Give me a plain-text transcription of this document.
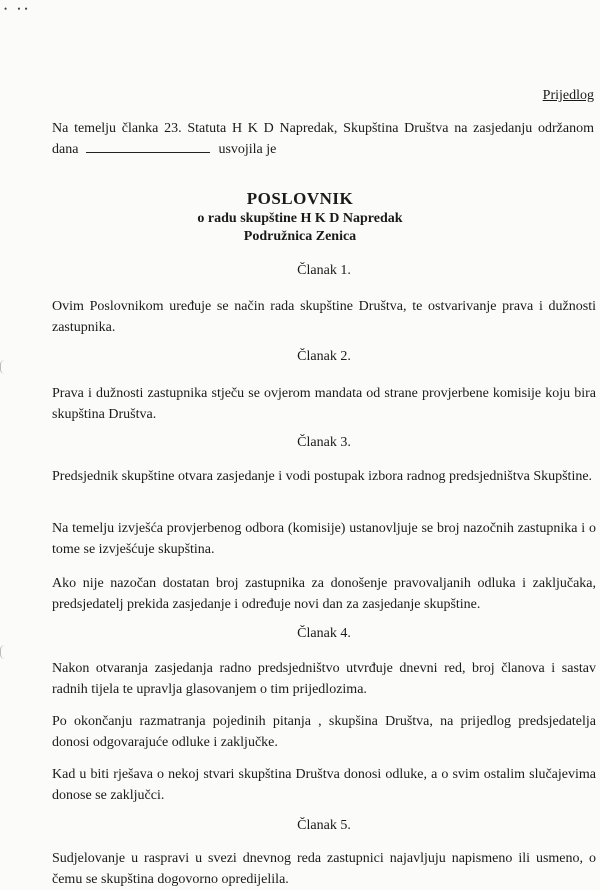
• ••
Prijedlog
Na temelju članka 23. Statuta H K D Napredak, Skupština Društva na zasjedanju održanom dana	usvojila je
POSLOVNIK
o radu skupštine H K D Napredak
Podružnica Zenica
Članak 1.
Ovim Poslovnikom uređuje se način rada skupštine Društva, te ostvarivanje prava i dužnosti zastupnika.
Članak 2.
Prava i dužnosti zastupnika stječu se ovjerom mandata od strane provjerbene komisije koju bira skupština Društva.
Članak 3.
Predsjednik skupštine otvara zasjedanje i vodi postupak izbora radnog predsjedništva Skupštine.
Na temelju izvješća provjerbenog odbora (komisije) ustanovljuje se broj nazočnih zastupnika i o tome se izvješćuje skupština.
Ako nije nazočan dostatan broj zastupnika za donošenje pravovaljanih odluka i zaključaka, predsjedatelj prekida zasjedanje i određuje novi dan za zasjedanje skupštine.
Članak 4.
Nakon otvaranja zasjedanja radno predsjedništvo utvrđuje dnevni red, broj članova i sastav radnih tijela te upravlja glasovanjem o tim prijedlozima.
Po okončanju razmatranja pojedinih pitanja , skupšina Društva, na prijedlog predsjedatelja donosi odgovarajuće odluke i zaključke.
Kad u biti rješava o nekoj stvari skupština Društva donosi odluke, a o svim ostalim slučajevima donose se zaključci.
Članak 5.
Sudjelovanje u raspravi u svezi dnevnog reda zastupnici najavljuju napismeno ili usmeno, o čemu se skupština dogovorno opredijelila.
